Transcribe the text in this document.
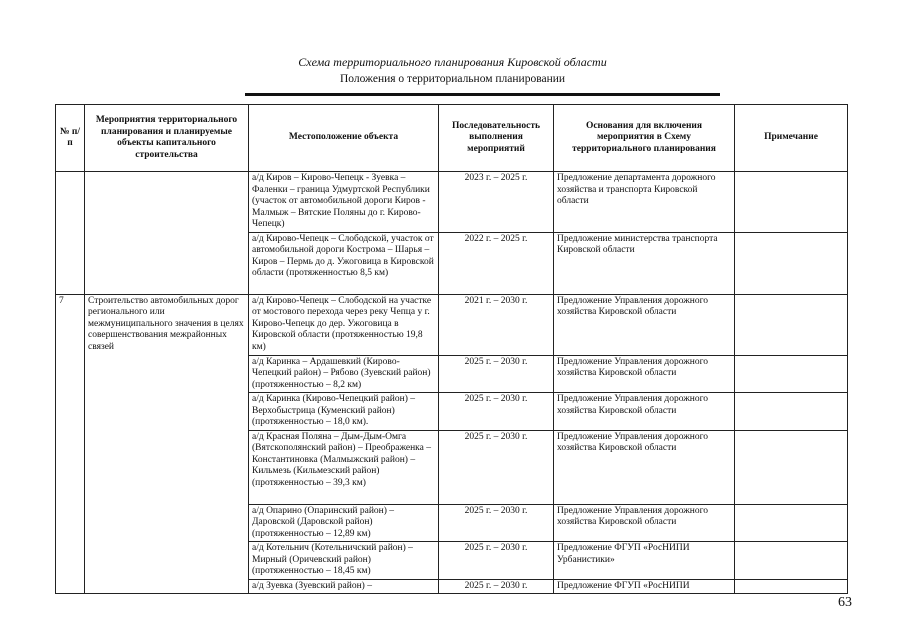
Схема территориального планирования Кировской области
Положения о территориальном планировании
№ п/п	Мероприятия территориального планирования и планируемые объекты капитального строительства	Местоположение объекта	Последовательность выполнения мероприятий	Основания для включения мероприятия в Схему территориального планирования	Примечание
		а/д Киров – Кирово-Чепецк - Зуевка – Фаленки – граница Удмуртской Республики (участок от автомобильной дороги Киров - Малмыж – Вятские Поляны до г. Кирово-Чепецк)	2023 г. – 2025 г.	Предложение департамента дорожного хозяйства и транспорта Кировской области	
		а/д Кирово-Чепецк – Слободской, участок от автомобильной дороги Кострома – Шарья – Киров – Пермь до д. Ужоговица в Кировской области (протяженностью 8,5 км)	2022 г. – 2025 г.	Предложение министерства транспорта Кировской области	
7	Строительство автомобильных дорог регионального или межмуниципального значения в целях совершенствования межрайонных связей	а/д Кирово-Чепецк – Слободской на участке от мостового перехода через реку Чепца у г. Кирово-Чепецк до дер. Ужоговица в Кировской области (протяженностью 19,8 км)	2021 г. – 2030 г.	Предложение Управления дорожного хозяйства Кировской области	
		а/д Каринка – Ардашевкий (Кирово-Чепецкий район) – Рябово (Зуевский район) (протяженностью – 8,2 км)	2025 г. – 2030 г.	Предложение Управления дорожного хозяйства Кировской области	
		а/д Каринка (Кирово-Чепецкий район) – Верхобыстрица (Куменский район) (протяженностью – 18,0 км).	2025 г. – 2030 г.	Предложение Управления дорожного хозяйства Кировской области	
		а/д Красная Поляна – Дым-Дым-Омга (Вятскополянский район) – Преображенка – Константиновка (Малмыжский район) – Кильмезь (Кильмезский район) (протяженностью – 39,3 км)	2025 г. – 2030 г.	Предложение Управления дорожного хозяйства Кировской области	
		а/д Опарино (Опаринский район) – Даровской (Даровской район) (протяженностью – 12,89 км)	2025 г. – 2030 г.	Предложение Управления дорожного хозяйства Кировской области	
		а/д Котельнич (Котельничский район) – Мирный (Оричевский район) (протяженностью – 18,45 км)	2025 г. – 2030 г.	Предложение ФГУП «РосНИПИ Урбанистики»	
		а/д Зуевка (Зуевский район) –	2025 г. – 2030 г.	Предложение ФГУП «РосНИПИ	
63
